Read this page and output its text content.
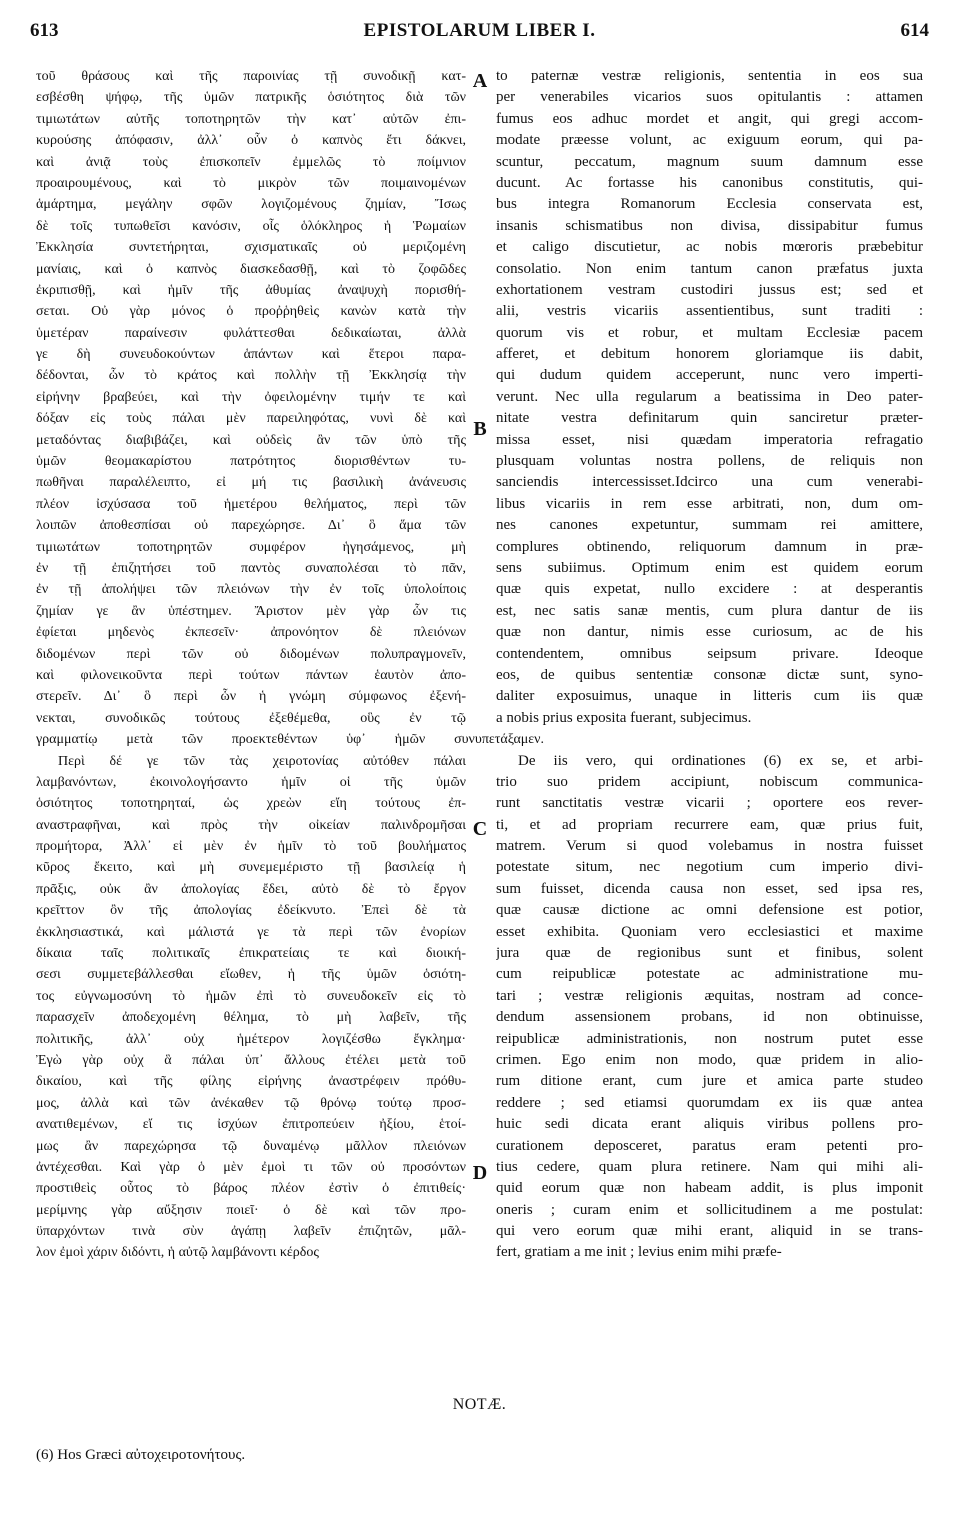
613	EPISTOLARUM LIBER I.	614
τοῦ θράσους καὶ τῆς παροινίας τῇ συνοδικῇ κατ-
εσβέσθη ψήφῳ, τῆς ὑμῶν πατρικῆς ὁσιότητος διὰ τῶν
τιμιωτάτων αὐτῆς τοποτηρητῶν τὴν κατ᾽ αὐτῶν ἐπι-
κυρούσης ἀπόφασιν, ἀλλ᾽ οὖν ὁ καπνὸς ἔτι δάκνει,
καὶ ἀνιᾷ τοὺς ἐπισκοπεῖν ἐμμελῶς τὸ ποίμνιον
προαιρουμένους, καὶ τὸ μικρὸν τῶν ποιμαινομένων
ἁμάρτημα, μεγάλην σφῶν λογιζομένους ζημίαν, Ἴσως
δὲ τοῖς τυπωθεῖσι κανόσιν, οἷς ὁλόκληρος ἡ Ῥωμαίων
Ἐκκλησία συντετήρηται, σχισματικαῖς οὐ μεριζομένη
μανίαις, καὶ ὁ καπνὸς διασκεδασθῇ, καὶ τὸ ζοφῶδες
ἐκριπισθῇ, καὶ ἡμῖν τῆς ἀθυμίας ἀναψυχὴ πορισθή-
σεται. Οὐ γὰρ μόνος ὁ προῤῥηθεὶς κανὼν κατὰ τὴν
ὑμετέραν παραίνεσιν φυλάττεσθαι δεδικαίωται, ἀλλὰ
γε δὴ συνευδοκούντων ἁπάντων καὶ ἕτεροι παρα-
δέδονται, ὧν τὸ κράτος καὶ πολλὴν τῇ Ἐκκλησίᾳ τὴν
εἰρήνην βραβεύει, καὶ τὴν ὀφειλομένην τιμήν τε καὶ
δόξαν εἰς τοὺς πάλαι μὲν παρειληφότας, νυνὶ δὲ καὶ
μεταδόντας διαβιβάζει, καὶ οὐδεὶς ἂν τῶν ὑπὸ τῆς
ὑμῶν θεομακαρίστου πατρότητος διορισθέντων τυ-
πωθῆναι παραλέλειπτο, εἰ μή τις βασιλικὴ ἀνάνευσις
πλέον ἰσχύσασα τοῦ ἡμετέρου θελήματος, περὶ τῶν
λοιπῶν ἀποθεσπίσαι οὐ παρεχώρησε. Δι᾽ ὃ ἅμα τῶν
τιμιωτάτων τοποτηρητῶν συμφέρον ἡγησάμενος, μὴ
ἐν τῇ ἐπιζητήσει τοῦ παντὸς συναπολέσαι τὸ πᾶν,
ἐν τῇ ἀπολήψει τῶν πλειόνων τὴν ἐν τοῖς ὑπολοίποις
ζημίαν γε ἂν ὑπέστημεν. Ἄριστον μὲν γὰρ ὧν τις
ἐφίεται μηδενὸς ἐκπεσεῖν· ἀπρονόητον δὲ πλειόνων
διδομένων περὶ τῶν οὐ διδομένων πολυπραγμονεῖν,
καὶ φιλονεικοῦντα περὶ τούτων πάντων ἑαυτὸν ἀπο-
στερεῖν. Δι᾽ ὃ περὶ ὧν ἡ γνώμη σύμφωνος ἐξενή-
νεκται, συνοδικῶς τούτους ἐξεθέμεθα, οὓς ἐν τῷ
γραμματίῳ μετὰ τῶν προεκτεθέντων ὑφ᾽ ἡμῶν συνυπετάξαμεν.
Περὶ δέ γε τῶν τὰς χειροτονίας αὐτόθεν πάλαι
λαμβανόντων, ἐκοινολογήσαντο ἡμῖν οἱ τῆς ὑμῶν
ὁσιότητος τοποτηρηταί, ὡς χρεὼν εἴη τούτους ἐπ-
αναστραφῆναι, καὶ πρὸς τὴν οἰκείαν παλινδρομῆσαι
προμήτορα, Ἀλλ᾽ εἰ μὲν ἐν ἡμῖν τὸ τοῦ βουλήματος
κῦρος ἔκειτο, καὶ μὴ συνεμεμέριστο τῇ βασιλείᾳ ἡ
πρᾶξις, οὐκ ἂν ἀπολογίας ἔδει, αὐτὸ δὲ τὸ ἔργον
κρεῖττον ὂν τῆς ἀπολογίας ἐδείκνυτο. Ἐπεὶ δὲ τὰ
ἐκκλησιαστικά, καὶ μάλιστά γε τὰ περὶ τῶν ἐνορίων
δίκαια ταῖς πολιτικαῖς ἐπικρατείαις τε καὶ διοική-
σεσι συμμετεβάλλεσθαι εἴωθεν, ἡ τῆς ὑμῶν ὁσιότη-
τος εὐγνωμοσύνη τὸ ἡμῶν ἐπὶ τὸ συνευδοκεῖν εἰς τὸ
παρασχεῖν ἀποδεχομένη θέλημα, τὸ μὴ λαβεῖν, τῆς
πολιτικῆς, ἀλλ᾽ οὐχ ἡμέτερον λογιζέσθω ἔγκλημα·
Ἐγὼ γὰρ οὐχ ἃ πάλαι ὑπ᾽ ἄλλους ἐτέλει μετὰ τοῦ
δικαίου, καὶ τῆς φίλης εἰρήνης ἀναστρέφειν πρόθυ-
μος, ἀλλὰ καὶ τῶν ἀνέκαθεν τῷ θρόνῳ τούτῳ προσ-
ανατιθεμένων, εἴ τις ἰσχύων ἐπιτροπεύειν ἠξίου, ἑτοί-
μως ἂν παρεχώρησα τῷ δυναμένῳ μᾶλλον πλειόνων
ἀντέχεσθαι. Καὶ γὰρ ὁ μὲν ἐμοὶ τι τῶν οὐ προσόντων
προστιθεὶς οὗτος τὸ βάρος πλέον ἐστὶν ὁ ἐπιτιθείς·
μερίμνης γὰρ αὔξησιν ποιεῖ· ὁ δὲ καὶ τῶν προ-
ϋπαρχόντων τινὰ σὺν ἀγάπῃ λαβεῖν ἐπιζητῶν, μᾶλ-
λον ἐμοὶ χάριν διδόντι, ἡ αὐτῷ λαμβάνοντι κέρδος
to paternæ vestræ religionis, sententia in eos sua
per venerabiles vicarios suos opitulantis : attamen
fumus eos adhuc mordet et angit, qui gregi accom-
modate præesse volunt, ac exiguum eorum, qui pa-
scuntur, peccatum, magnum suum damnum esse
ducunt. Ac fortasse his canonibus constitutis, qui-
bus integra Romanorum Ecclesia conservata est,
insanis schismatibus non divisa, dissipabitur fumus
et caligo discutietur, ac nobis mœroris præbebitur
consolatio. Non enim tantum canon præfatus juxta
exhortationem vestram custodiri jussus est; sed et
alii, vestris vicariis assentientibus, sunt traditi :
quorum vis et robur, et multam Ecclesiæ pacem
afferet, et debitum honorem gloriamque iis dabit,
qui dudum quidem acceperunt, nunc vero imperti-
verunt. Nec ulla regularum a beatissima in Deo pater-
nitate vestra definitarum quin sanciretur præter-
missa esset, nisi quædam imperatoria refragatio
plusquam voluntas nostra pollens, de reliquis non
sanciendis intercessisset.Idcirco una cum venerabi-
libus vicariis in rem esse arbitrati, non, dum om-
nes canones expetuntur, summam rei amittere,
complures obtinendo, reliquorum damnum in præ-
sens subiimus. Optimum enim est quidem eorum
quæ quis expetat, nullo excidere : at desperantis
est, nec satis sanæ mentis, cum plura dantur de iis
quæ non dantur, nimis esse curiosum, ac de his
contendentem, omnibus seipsum privare. Ideoque
eos, de quibus sententiæ consonæ dictæ sunt, syno-
daliter exposuimus, unaque in litteris cum iis quæ
a nobis prius exposita fuerant, subjecimus.
De iis vero, qui ordinationes (6) ex se, et arbi-
trio suo pridem accipiunt, nobiscum communica-
runt sanctitatis vestræ vicarii ; oportere eos rever-
ti, et ad propriam recurrere eam, quæ prius fuit,
matrem. Verum si quod volebamus in nostra fuisset
potestate situm, nec negotium cum imperio divi-
sum fuisset, dicenda causa non esset, sed ipsa res,
quæ causæ dictione ac omni defensione est potior,
esset exhibita. Quoniam vero ecclesiastici et maxime
jura quæ de regionibus sunt et finibus, solent
cum reipublicæ potestate ac administratione mu-
tari ; vestræ religionis æquitas, nostram ad conce-
dendum assensionem probans, id non obtinuisse,
reipublicæ administrationis, non nostrum putet esse
crimen. Ego enim non modo, quæ pridem in alio-
rum ditione erant, cum jure et amica parte studeo
reddere ; sed etiamsi quorumdam ex iis quæ antea
huic sedi dicata erant aliquis viribus pollens pro-
curationem deposceret, paratus eram petenti pro-
tius cedere, quam plura retinere. Nam qui mihi ali-
quid eorum quæ non habeam addit, is plus imponit
oneris ; curam enim et sollicitudinem a me postulat:
qui vero eorum quæ mihi erant, aliquid in se trans-
fert, gratiam a me init ; levius enim mihi præfe-
A
B
C
D
NOTÆ.
(6) Hos Græci αὐτοχειροτονήτους.
